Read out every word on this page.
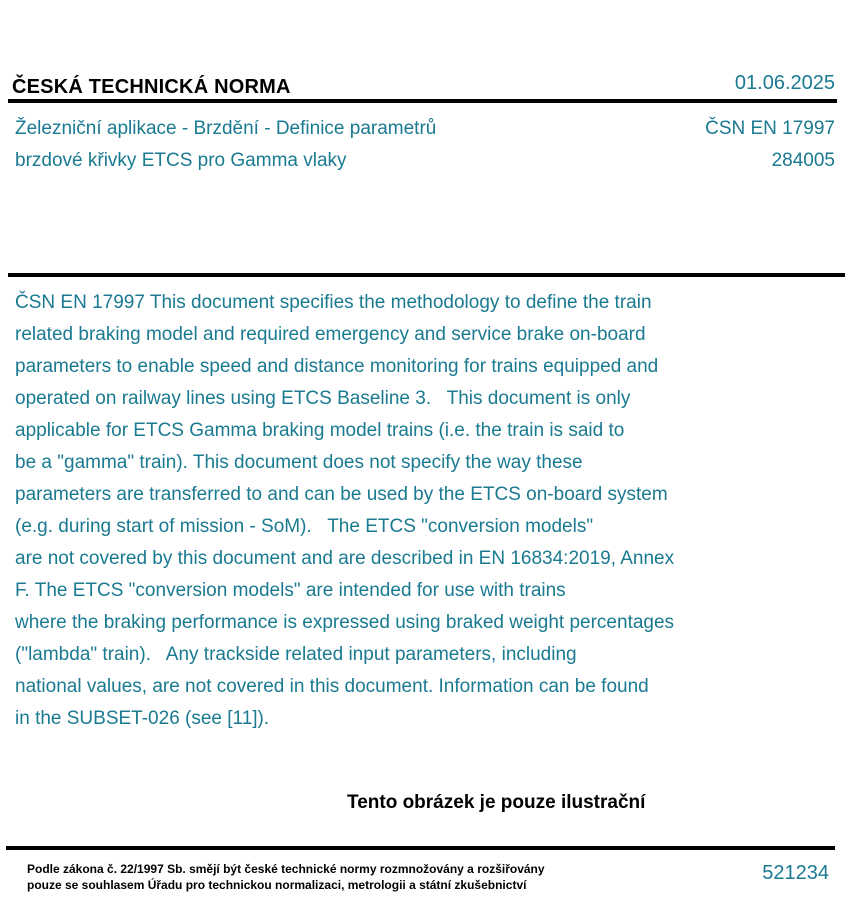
ČESKÁ TECHNICKÁ NORMA	01.06.2025
Železniční aplikace - Brzdění - Definice parametrů
brzdové křivky ETCS pro Gamma vlaky
ČSN EN 17997
284005
ČSN EN 17997 This document specifies the methodology to define the train
related braking model and required emergency and service brake on-board
parameters to enable speed and distance monitoring for trains equipped and
operated on railway lines using ETCS Baseline 3.   This document is only
applicable for ETCS Gamma braking model trains (i.e. the train is said to
be a "gamma" train). This document does not specify the way these
parameters are transferred to and can be used by the ETCS on-board system
(e.g. during start of mission - SoM).   The ETCS "conversion models"
are not covered by this document and are described in EN 16834:2019, Annex
F. The ETCS "conversion models" are intended for use with trains
where the braking performance is expressed using braked weight percentages
("lambda" train).   Any trackside related input parameters, including
national values, are not covered in this document. Information can be found
in the SUBSET-026 (see [11]).
Tento obrázek je pouze ilustrační
Podle zákona č. 22/1997 Sb. smějí být české technické normy rozmnožovány a rozšiřovány
pouze se souhlasem Úřadu pro technickou normalizaci, metrologii a státní zkušebnictví
521234
